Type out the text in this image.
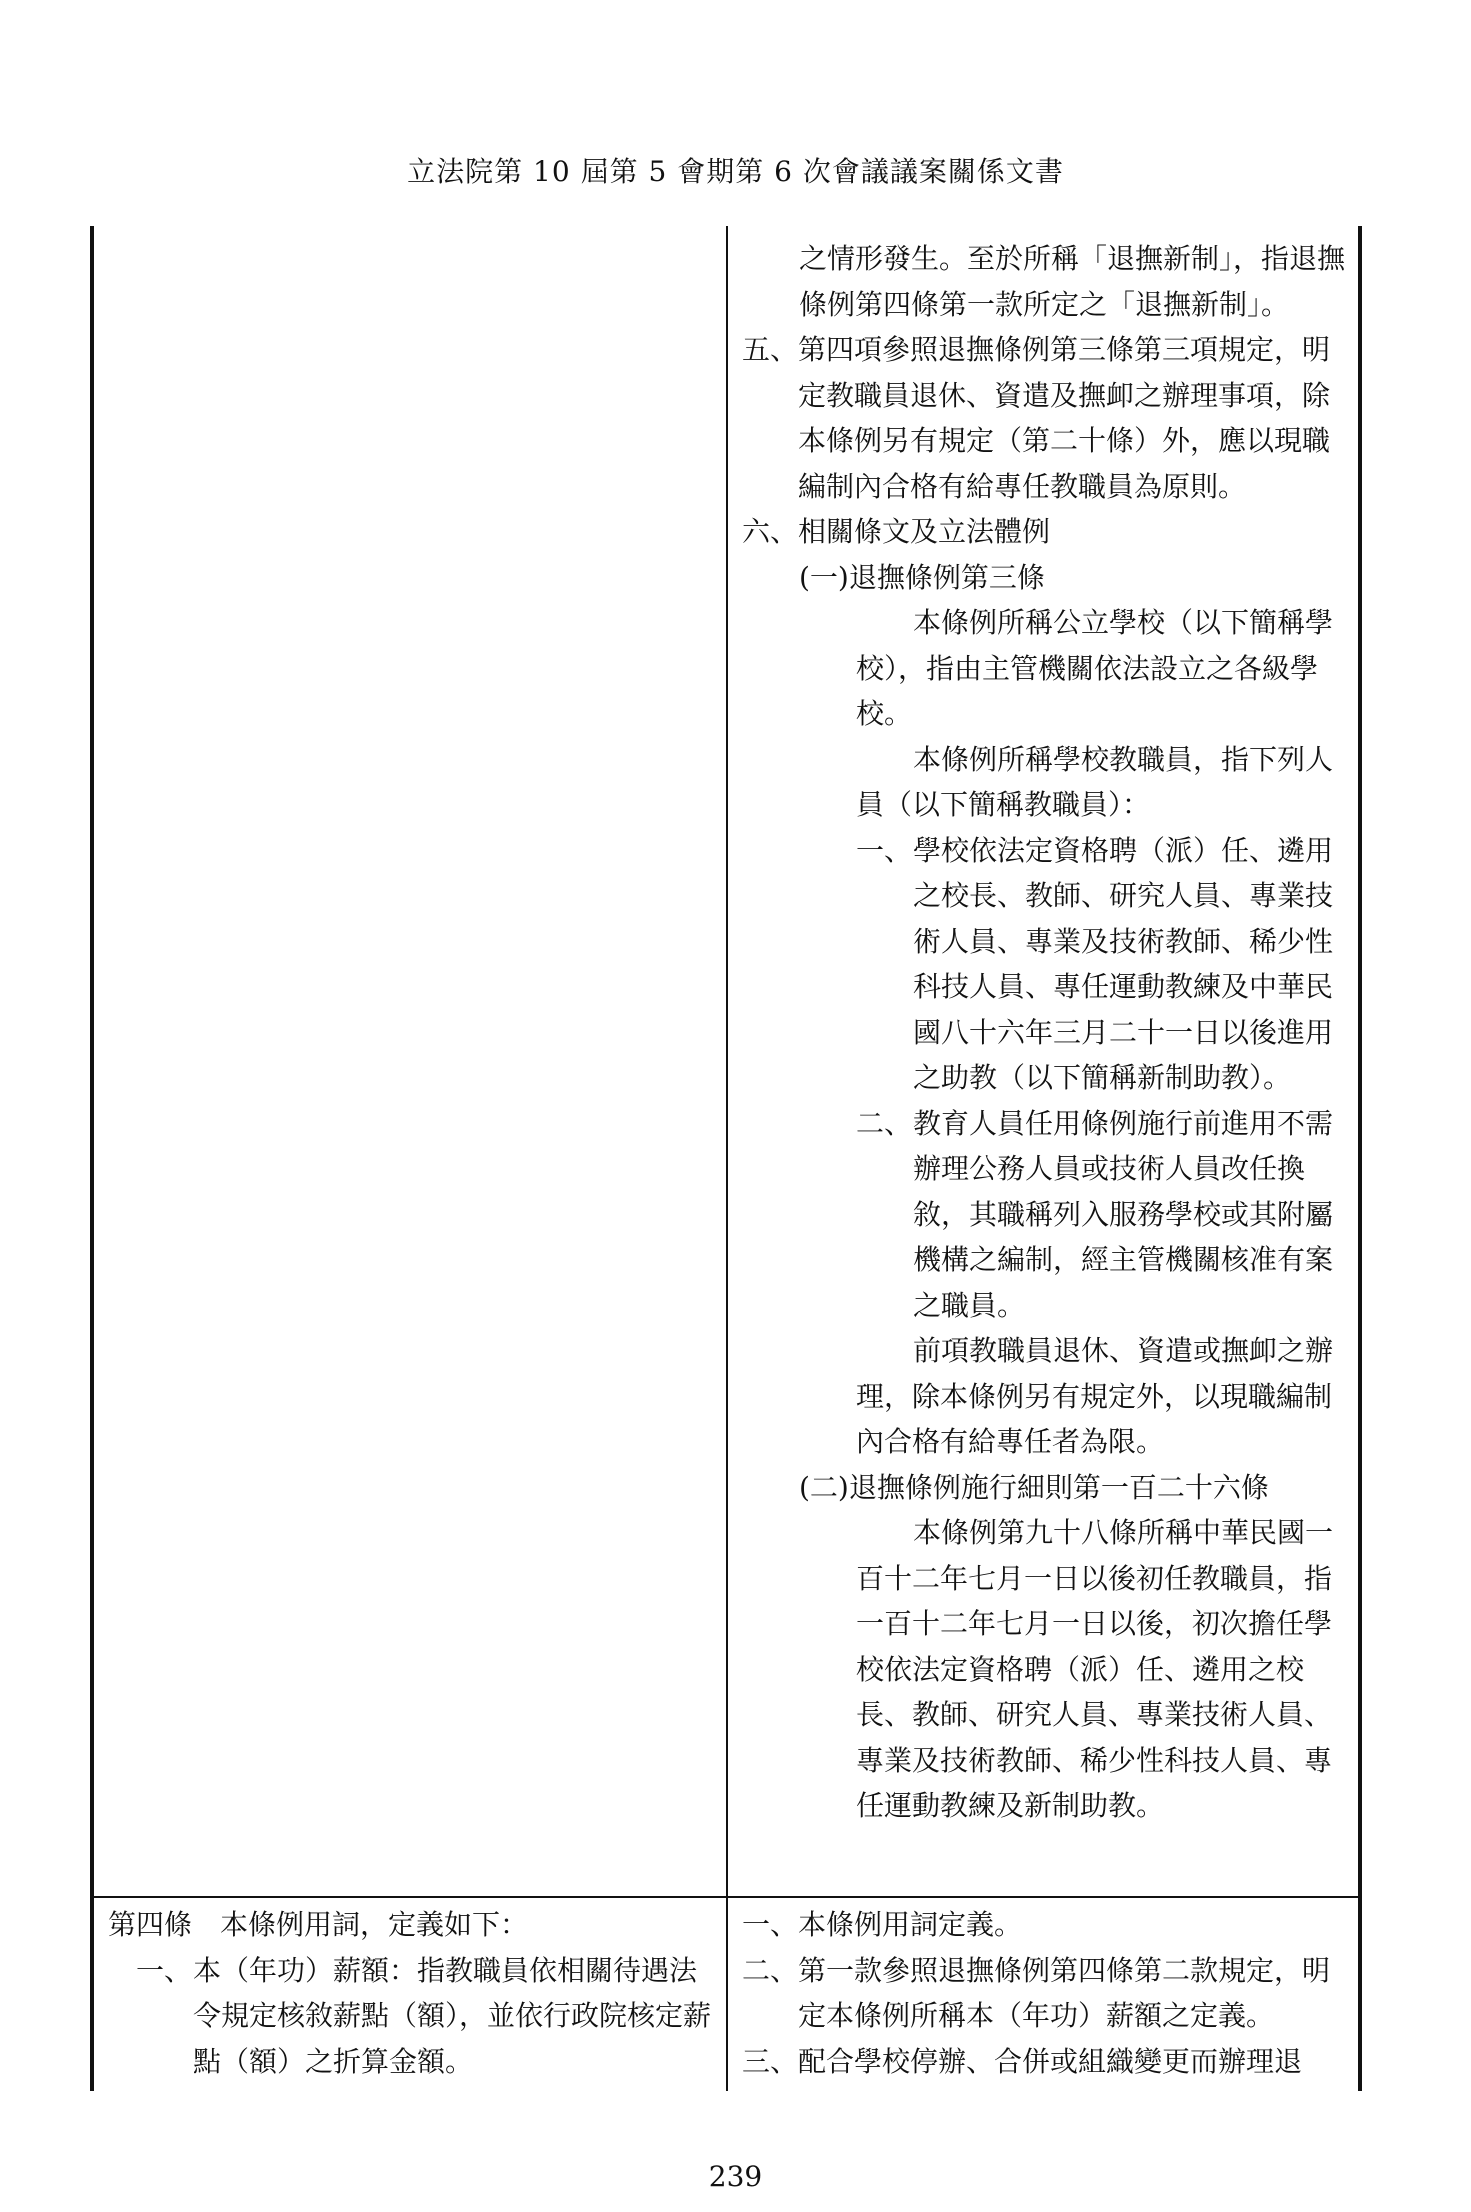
立法院第 10 屆第 5 會期第 6 次會議議案關係文書
之情形發生。至於所稱「退撫新制」，指退撫條例第四條第一款所定之「退撫新制」。
五、 第四項參照退撫條例第三條第三項規定，明定教職員退休、資遣及撫卹之辦理事項，除本條例另有規定（第二十條）外，應以現職編制內合格有給專任教職員為原則。
六、 相關條文及立法體例
(一)退撫條例第三條
本條例所稱公立學校（以下簡稱學校），指由主管機關依法設立之各級學校。
本條例所稱學校教職員，指下列人員（以下簡稱教職員）：
一、 學校依法定資格聘（派）任、遴用之校長、教師、研究人員、專業技術人員、專業及技術教師、稀少性科技人員、專任運動教練及中華民國八十六年三月二十一日以後進用之助教（以下簡稱新制助教）。
二、 教育人員任用條例施行前進用不需辦理公務人員或技術人員改任換敘，其職稱列入服務學校或其附屬機構之編制，經主管機關核准有案之職員。
前項教職員退休、資遣或撫卹之辦理，除本條例另有規定外，以現職編制內合格有給專任者為限。
(二)退撫條例施行細則第一百二十六條
本條例第九十八條所稱中華民國一百十二年七月一日以後初任教職員，指一百十二年七月一日以後，初次擔任學校依法定資格聘（派）任、遴用之校長、教師、研究人員、專業技術人員、專業及技術教師、稀少性科技人員、專任運動教練及新制助教。
第四條　本條例用詞，定義如下：
一、 本（年功）薪額：指教職員依相關待遇法令規定核敘薪點（額），並依行政院核定薪點（額）之折算金額。
一、 本條例用詞定義。
二、 第一款參照退撫條例第四條第二款規定，明定本條例所稱本（年功）薪額之定義。
三、 配合學校停辦、合併或組織變更而辦理退
239
